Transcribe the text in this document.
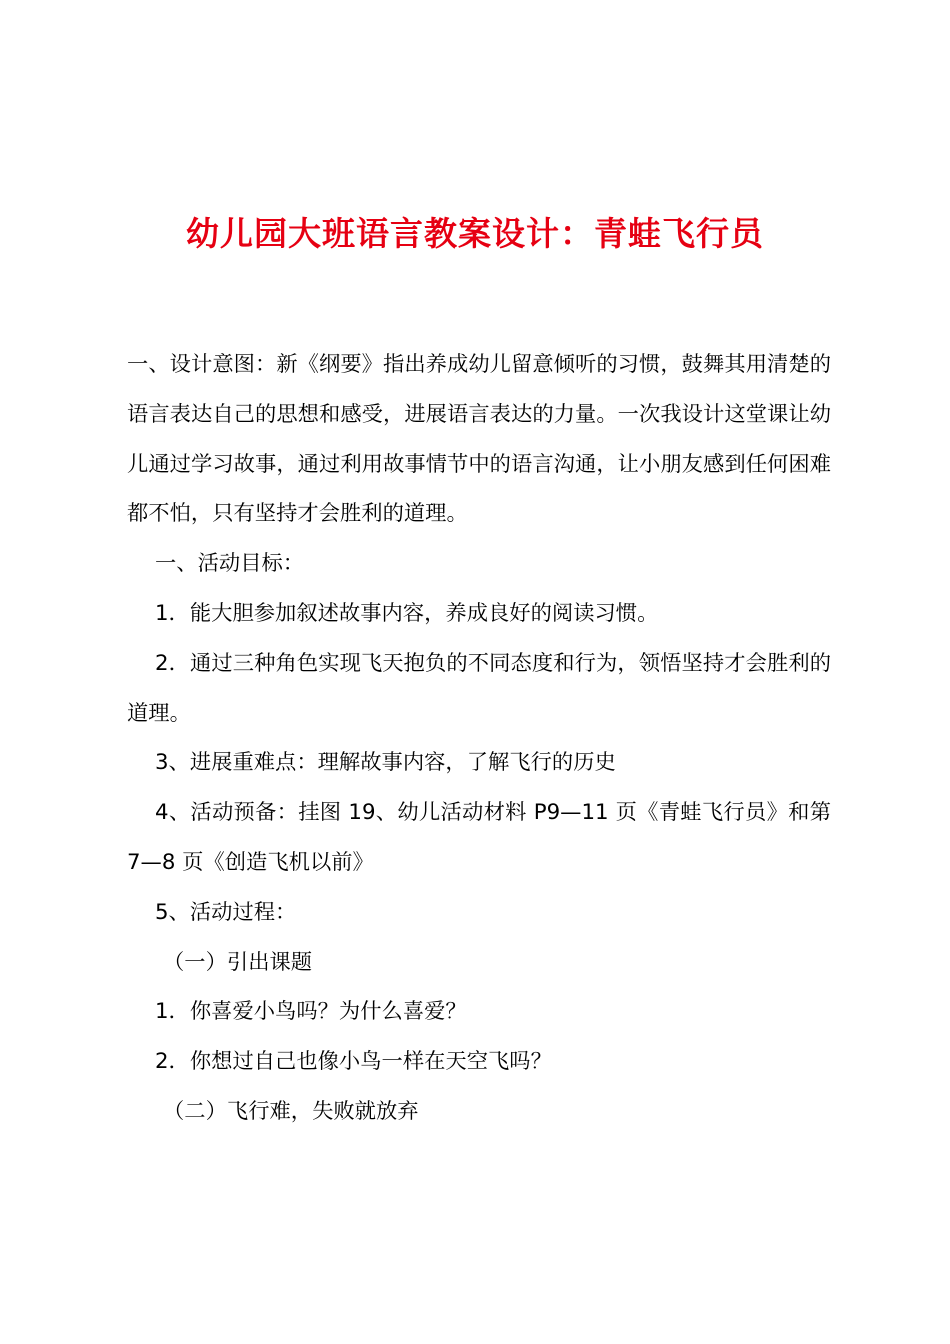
幼儿园大班语言教案设计：青蛙飞行员

一、设计意图：新《纲要》指出养成幼儿留意倾听的习惯，鼓舞其用清楚的语言表达自己的思想和感受，进展语言表达的力量。一次我设计这堂课让幼儿通过学习故事，通过利用故事情节中的语言沟通，让小朋友感到任何困难都不怕，只有坚持才会胜利的道理。

一、活动目标：

1．能大胆参加叙述故事内容，养成良好的阅读习惯。

2．通过三种角色实现飞天抱负的不同态度和行为，领悟坚持才会胜利的道理。

3、进展重难点：理解故事内容，了解飞行的历史

4、活动预备：挂图 19、幼儿活动材料 P9—11 页《青蛙飞行员》和第 7—8 页《创造飞机以前》

5、活动过程：

（一）引出课题

1．你喜爱小鸟吗？为什么喜爱？

2．你想过自己也像小鸟一样在天空飞吗？

（二）飞行难，失败就放弃
